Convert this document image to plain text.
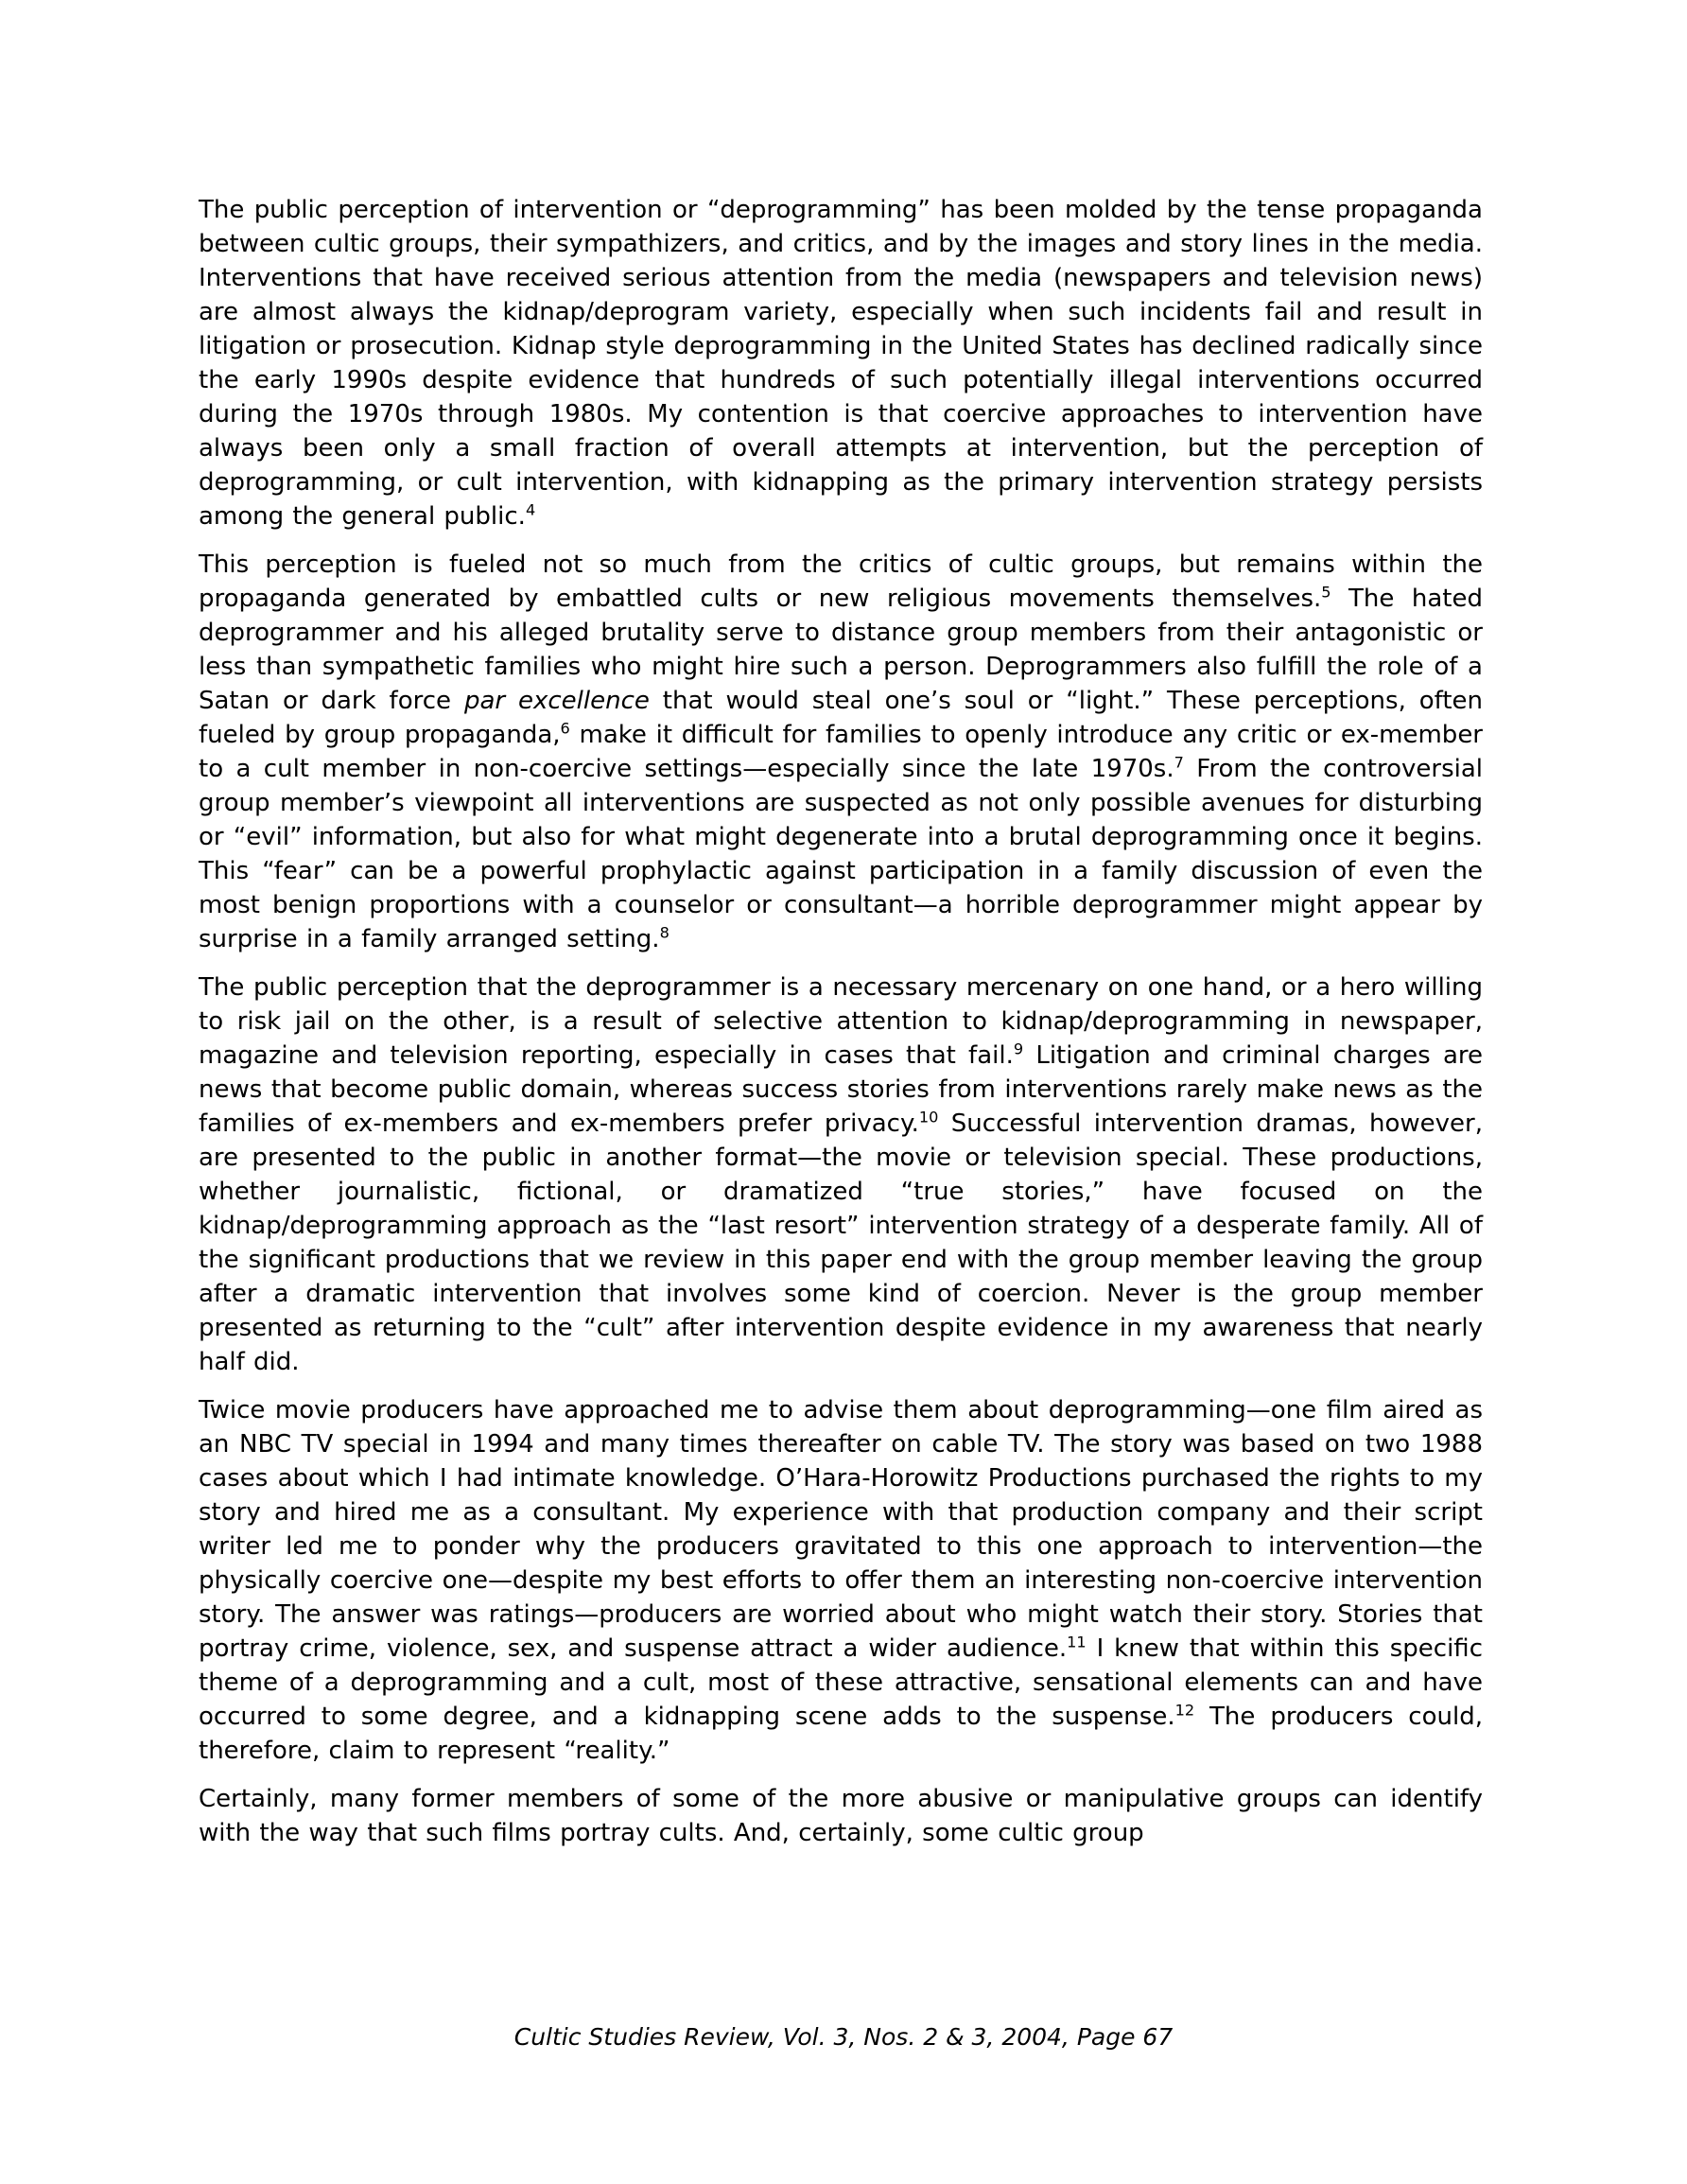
The public perception of intervention or “deprogramming” has been molded by the tense propaganda between cultic groups, their sympathizers, and critics, and by the images and story lines in the media. Interventions that have received serious attention from the media (newspapers and television news) are almost always the kidnap/deprogram variety, especially when such incidents fail and result in litigation or prosecution. Kidnap style deprogramming in the United States has declined radically since the early 1990s despite evidence that hundreds of such potentially illegal interventions occurred during the 1970s through 1980s. My contention is that coercive approaches to intervention have always been only a small fraction of overall attempts at intervention, but the perception of deprogramming, or cult intervention, with kidnapping as the primary intervention strategy persists among the general public.$^4$

This perception is fueled not so much from the critics of cultic groups, but remains within the propaganda generated by embattled cults or new religious movements themselves.$^5$ The hated deprogrammer and his alleged brutality serve to distance group members from their antagonistic or less than sympathetic families who might hire such a person. Deprogrammers also fulfill the role of a Satan or dark force par excellence that would steal one’s soul or “light.” These perceptions, often fueled by group propaganda,$^6$ make it difficult for families to openly introduce any critic or ex-member to a cult member in non-coercive settings—especially since the late 1970s.$^7$ From the controversial group member’s viewpoint all interventions are suspected as not only possible avenues for disturbing or “evil” information, but also for what might degenerate into a brutal deprogramming once it begins. This “fear” can be a powerful prophylactic against participation in a family discussion of even the most benign proportions with a counselor or consultant—a horrible deprogrammer might appear by surprise in a family arranged setting.$^8$

The public perception that the deprogrammer is a necessary mercenary on one hand, or a hero willing to risk jail on the other, is a result of selective attention to kidnap/deprogramming in newspaper, magazine and television reporting, especially in cases that fail.$^9$ Litigation and criminal charges are news that become public domain, whereas success stories from interventions rarely make news as the families of ex-members and ex-members prefer privacy.$^{10}$ Successful intervention dramas, however, are presented to the public in another format—the movie or television special. These productions, whether journalistic, fictional, or dramatized “true stories,” have focused on the kidnap/deprogramming approach as the “last resort” intervention strategy of a desperate family. All of the significant productions that we review in this paper end with the group member leaving the group after a dramatic intervention that involves some kind of coercion. Never is the group member presented as returning to the “cult” after intervention despite evidence in my awareness that nearly half did.

Twice movie producers have approached me to advise them about deprogramming—one film aired as an NBC TV special in 1994 and many times thereafter on cable TV. The story was based on two 1988 cases about which I had intimate knowledge. O’Hara-Horowitz Productions purchased the rights to my story and hired me as a consultant. My experience with that production company and their script writer led me to ponder why the producers gravitated to this one approach to intervention—the physically coercive one—despite my best efforts to offer them an interesting non-coercive intervention story. The answer was ratings—producers are worried about who might watch their story. Stories that portray crime, violence, sex, and suspense attract a wider audience.$^{11}$ I knew that within this specific theme of a deprogramming and a cult, most of these attractive, sensational elements can and have occurred to some degree, and a kidnapping scene adds to the suspense.$^{12}$ The producers could, therefore, claim to represent “reality.”

Certainly, many former members of some of the more abusive or manipulative groups can identify with the way that such films portray cults. And, certainly, some cultic group

Cultic Studies Review, Vol. 3, Nos. 2 & 3, 2004, Page 67
